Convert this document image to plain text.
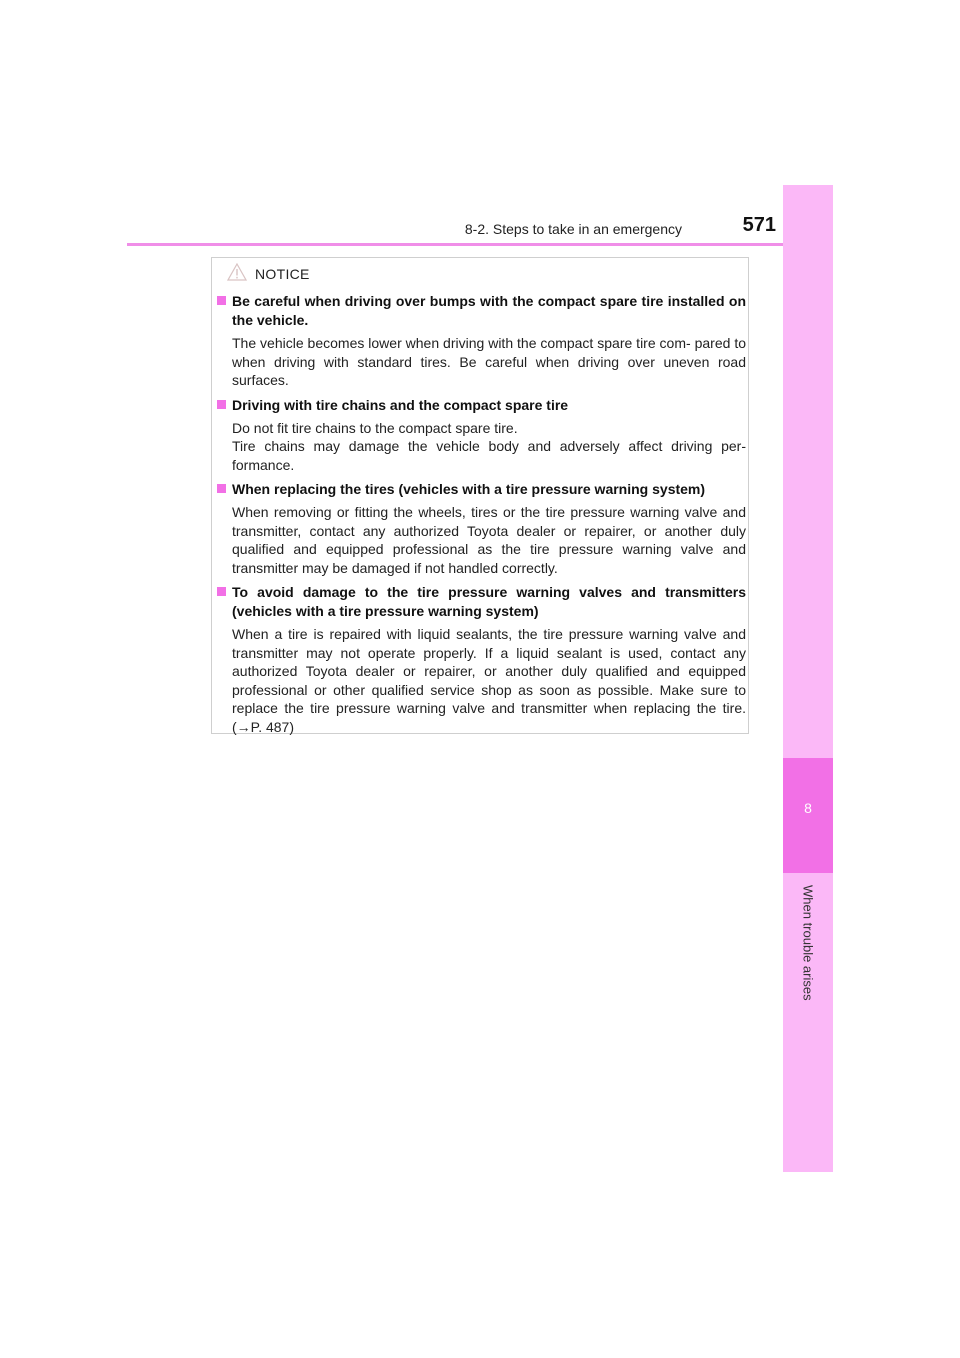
8-2. Steps to take in an emergency	571
8
When trouble arises
NOTICE
Be careful when driving over bumps with the compact spare tire installed on the vehicle.

The vehicle becomes lower when driving with the compact spare tire com- pared to when driving with standard tires. Be careful when driving over uneven road surfaces.

Driving with tire chains and the compact spare tire

Do not fit tire chains to the compact spare tire.

Tire chains may damage the vehicle body and adversely affect driving per- formance.

When replacing the tires (vehicles with a tire pressure warning system)

When removing or fitting the wheels, tires or the tire pressure warning valve and transmitter, contact any authorized Toyota dealer or repairer, or another duly qualified and equipped professional as the tire pressure warning valve and transmitter may be damaged if not handled correctly.

To avoid damage to the tire pressure warning valves and transmitters (vehicles with a tire pressure warning system)

When a tire is repaired with liquid sealants, the tire pressure warning valve and transmitter may not operate properly. If a liquid sealant is used, contact any authorized Toyota dealer or repairer, or another duly qualified and equipped professional or other qualified service shop as soon as possible. Make sure to replace the tire pressure warning valve and transmitter when replacing the tire. (→P. 487)
